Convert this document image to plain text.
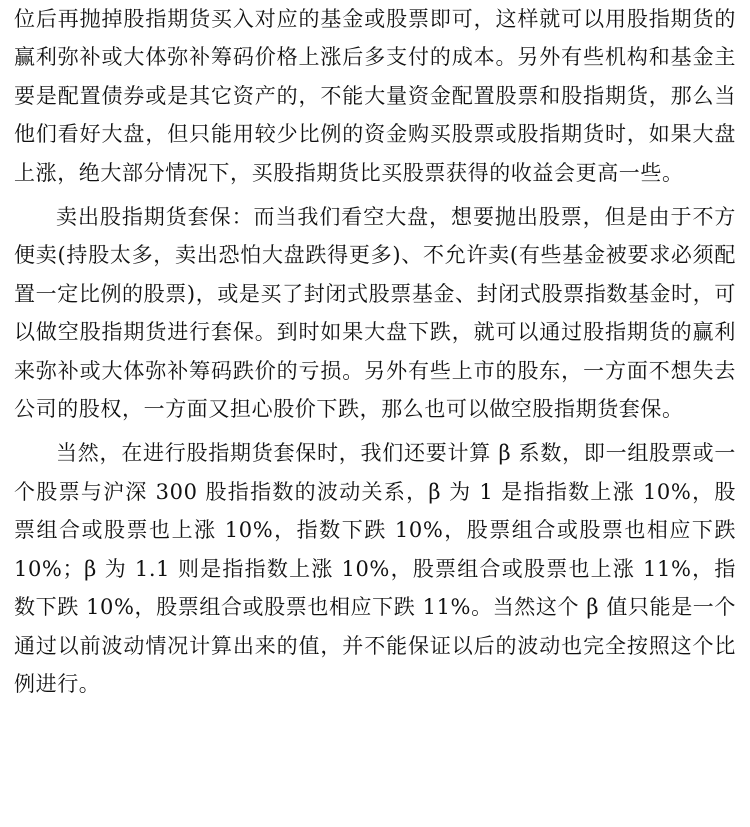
位后再抛掉股指期货买入对应的基金或股票即可，这样就可以用股指期货的赢利弥补或大体弥补筹码价格上涨后多支付的成本。另外有些机构和基金主要是配置债券或是其它资产的，不能大量资金配置股票和股指期货，那么当他们看好大盘，但只能用较少比例的资金购买股票或股指期货时，如果大盘上涨，绝大部分情况下，买股指期货比买股票获得的收益会更高一些。

卖出股指期货套保：而当我们看空大盘，想要抛出股票，但是由于不方便卖(持股太多，卖出恐怕大盘跌得更多)、不允许卖(有些基金被要求必须配置一定比例的股票)，或是买了封闭式股票基金、封闭式股票指数基金时，可以做空股指期货进行套保。到时如果大盘下跌，就可以通过股指期货的赢利来弥补或大体弥补筹码跌价的亏损。另外有些上市的股东，一方面不想失去公司的股权，一方面又担心股价下跌，那么也可以做空股指期货套保。

当然，在进行股指期货套保时，我们还要计算 β 系数，即一组股票或一个股票与沪深 300 股指指数的波动关系，β 为 1 是指指数上涨 10%，股票组合或股票也上涨 10%，指数下跌 10%，股票组合或股票也相应下跌 10%；β 为 1.1 则是指指数上涨 10%，股票组合或股票也上涨 11%，指数下跌 10%，股票组合或股票也相应下跌 11%。当然这个 β 值只能是一个通过以前波动情况计算出来的值，并不能保证以后的波动也完全按照这个比例进行。
